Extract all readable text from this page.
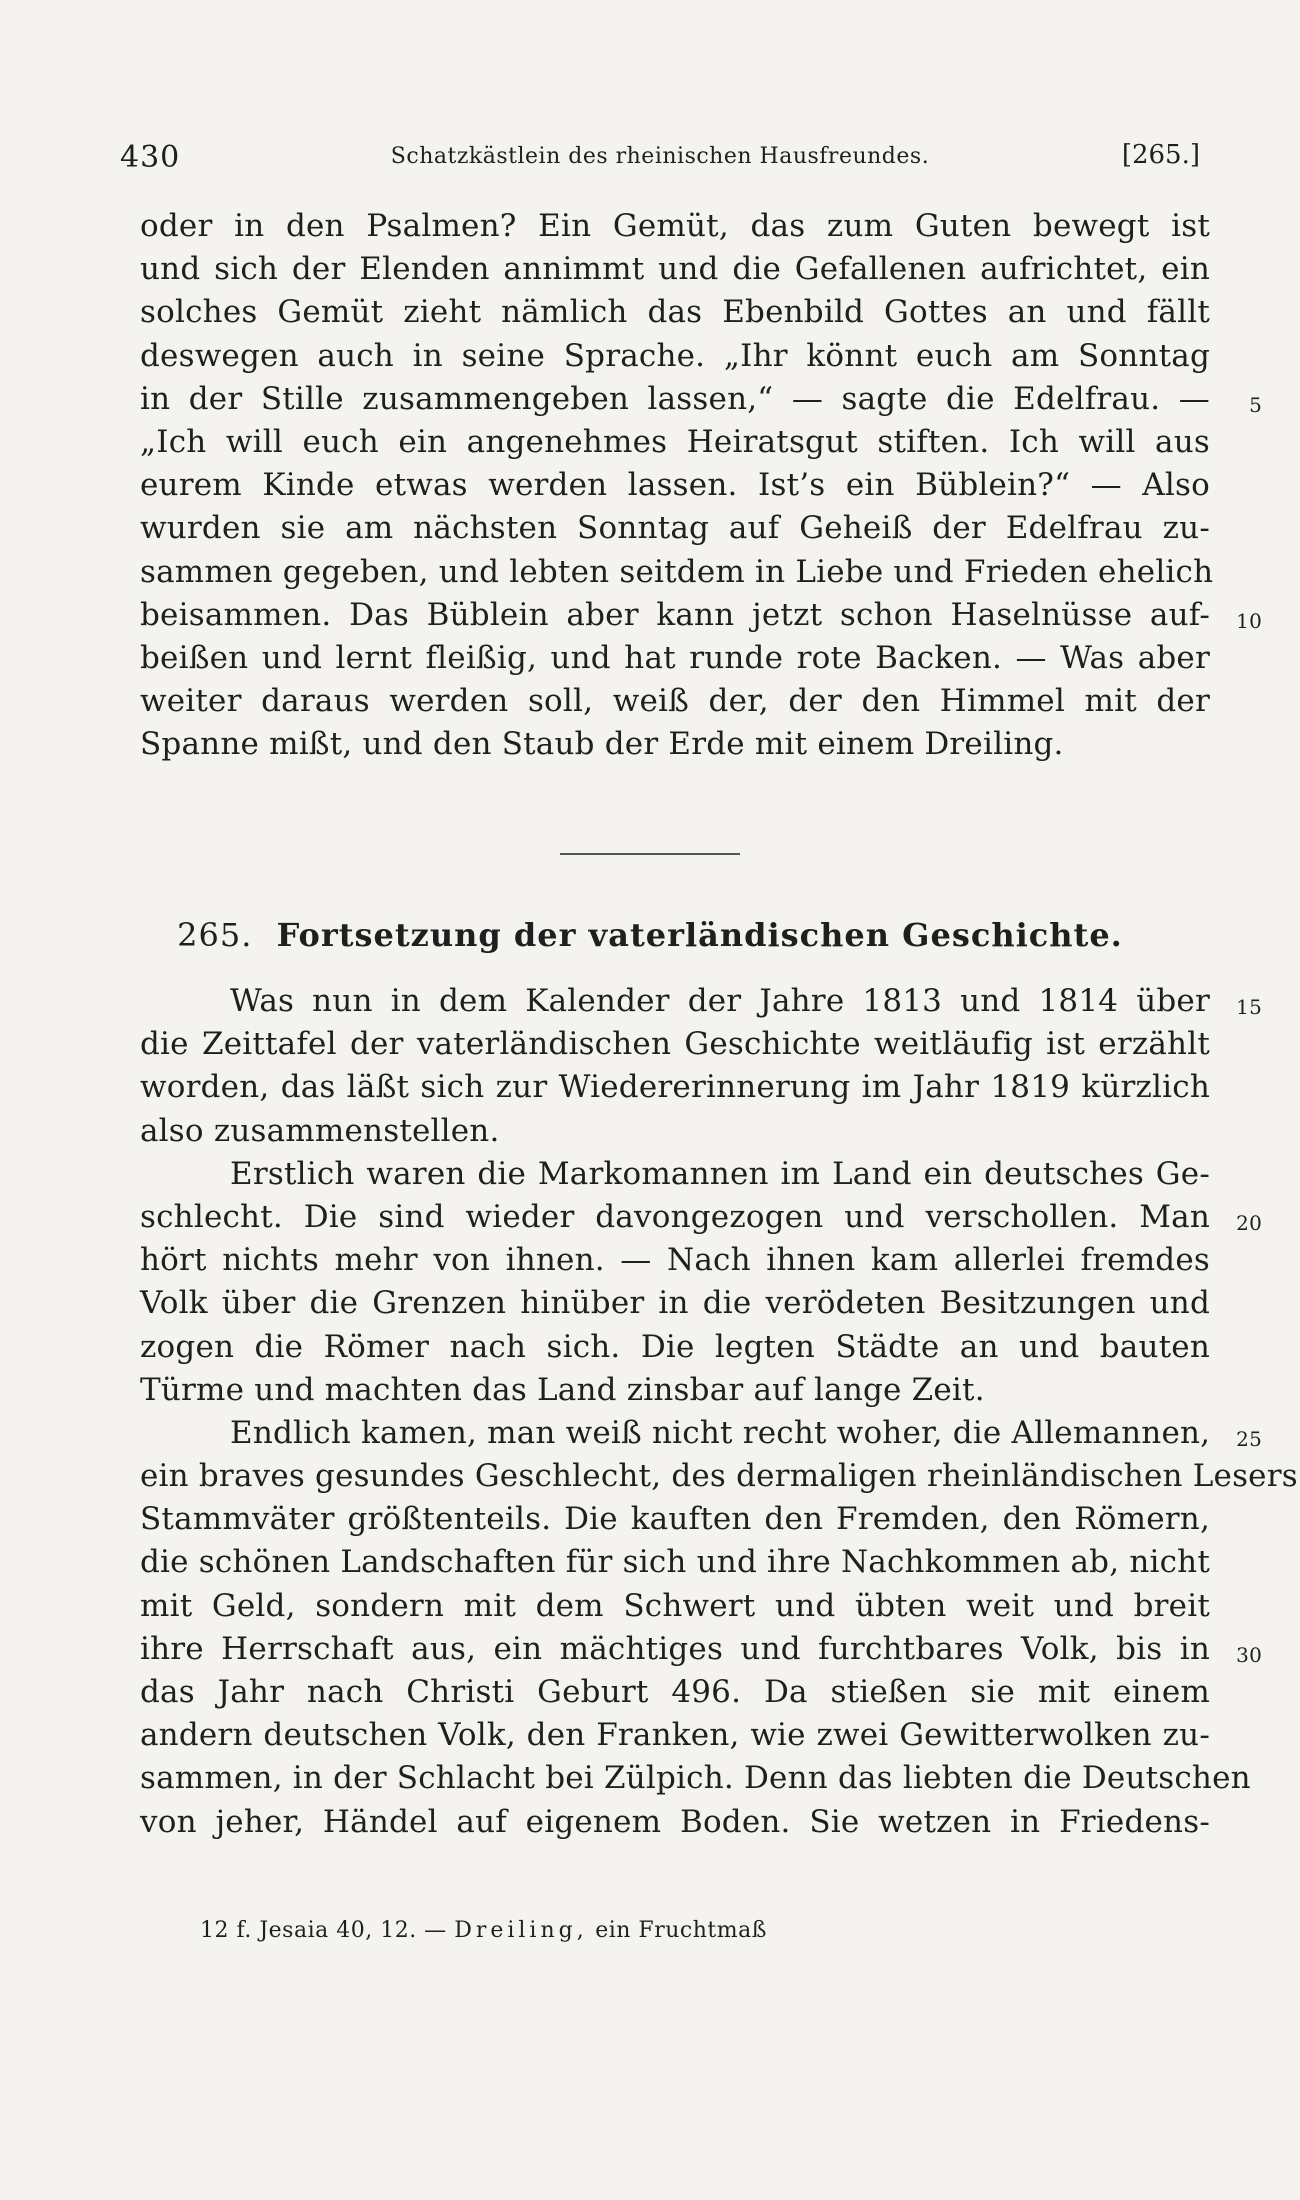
430	Schatzkästlein des rheinischen Hausfreundes.	[265.]
oder in den Psalmen? Ein Gemüt, das zum Guten bewegt ist
und sich der Elenden annimmt und die Gefallenen aufrichtet, ein
solches Gemüt zieht nämlich das Ebenbild Gottes an und fällt
deswegen auch in seine Sprache. „Ihr könnt euch am Sonntag
in der Stille zusammengeben lassen,“ — sagte die Edelfrau. —	5
„Ich will euch ein angenehmes Heiratsgut stiften. Ich will aus
eurem Kinde etwas werden lassen. Ist’s ein Büblein?“ — Also
wurden sie am nächsten Sonntag auf Geheiß der Edelfrau zu-
sammen gegeben, und lebten seitdem in Liebe und Frieden ehelich
beisammen. Das Büblein aber kann jetzt schon Haselnüsse auf-	10
beißen und lernt fleißig, und hat runde rote Backen. — Was aber
weiter daraus werden soll, weiß der, der den Himmel mit der
Spanne mißt, und den Staub der Erde mit einem Dreiling.
265. Fortsetzung der vaterländischen Geschichte.
Was nun in dem Kalender der Jahre 1813 und 1814 über	15
die Zeittafel der vaterländischen Geschichte weitläufig ist erzählt
worden, das läßt sich zur Wiedererinnerung im Jahr 1819 kürzlich
also zusammenstellen.
Erstlich waren die Markomannen im Land ein deutsches Ge-
schlecht. Die sind wieder davongezogen und verschollen. Man	20
hört nichts mehr von ihnen. — Nach ihnen kam allerlei fremdes
Volk über die Grenzen hinüber in die verödeten Besitzungen und
zogen die Römer nach sich. Die legten Städte an und bauten
Türme und machten das Land zinsbar auf lange Zeit.
Endlich kamen, man weiß nicht recht woher, die Allemannen,	25
ein braves gesundes Geschlecht, des dermaligen rheinländischen Lesers
Stammväter größtenteils. Die kauften den Fremden, den Römern,
die schönen Landschaften für sich und ihre Nachkommen ab, nicht
mit Geld, sondern mit dem Schwert und übten weit und breit
ihre Herrschaft aus, ein mächtiges und furchtbares Volk, bis in	30
das Jahr nach Christi Geburt 496. Da stießen sie mit einem
andern deutschen Volk, den Franken, wie zwei Gewitterwolken zu-
sammen, in der Schlacht bei Zülpich. Denn das liebten die Deutschen
von jeher, Händel auf eigenem Boden. Sie wetzen in Friedens-
12 f. Jesaia 40, 12. — Dreiling, ein Fruchtmaß
